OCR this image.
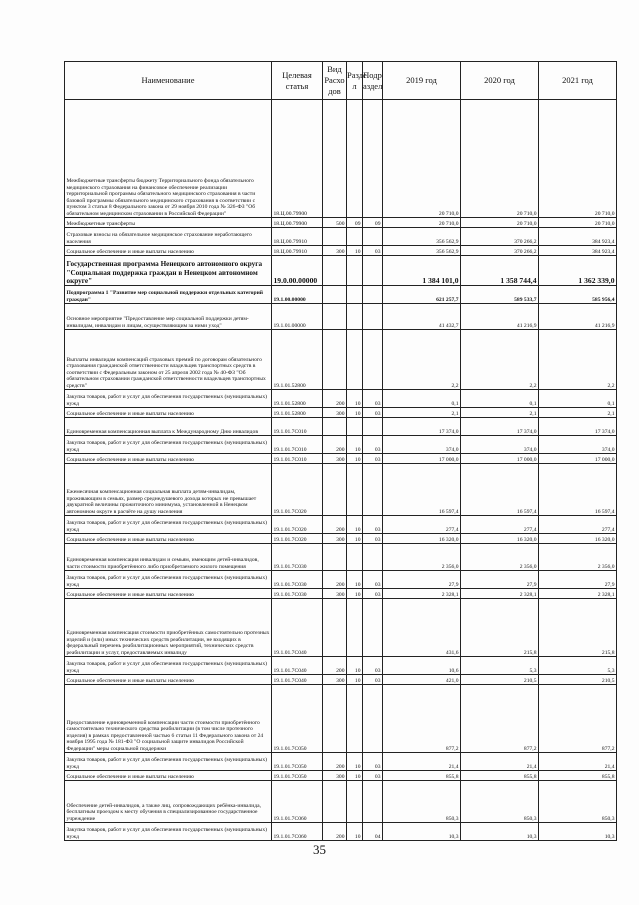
Наименование	Целевая статья	Вид Расхо дов	Разде л	Подр аздел	2019 год	2020 год	2021 год
Межбюджетные трансферты бюджету Территориального фонда обязательного медицинского страхования на финансовое обеспечение реализации территориальной программы обязательного медицинского страхования в части базовой программы обязательного медицинского страхования в соответствии с пунктом 3 статьи 8 Федерального закона от 29 ноября 2010 года № 326-ФЗ "Об обязательном медицинском страховании в Российской Федерации"	18.Ц.00.79900				20 710,0	20 710,0	20 710,0
Межбюджетные трансферты	18.Ц.00.79900	500	09	09	20 710,0	20 710,0	20 710,0
Страховые взносы на обязательное медицинское страхование неработающего населения	18.Ц.00.79910				356 562,9	370 266,2	384 923,4
Социальное обеспечение и иные выплаты населению	18.Ц.00.79910	300	10	03	356 562,9	370 266,2	384 923,4
Государственная программа Ненецкого автономного округа "Социальная поддержка граждан в Ненецком автономном округе"	19.0.00.00000				1 384 101,0	1 358 744,4	1 362 339,0
Подпрограмма 1 "Развитие мер социальной поддержки отдельных категорий граждан"	19.1.00.00000				621 257,7	589 533,7	585 956,4
Основное мероприятие "Предоставление мер социальной поддержки детям-инвалидам, инвалидам и лицам, осуществляющим за ними уход"	19.1.01.00000				41 432,7	41 216,9	41 216,9
Выплаты инвалидам компенсаций страховых премий по договорам обязательного страхования гражданской ответственности владельцев транспортных средств в соответствии с Федеральным законом от 25 апреля 2002 года № 40-ФЗ "Об обязательном страховании гражданской ответственности владельцев транспортных средств"	19.1.01.52800				2,2	2,2	2,2
Закупка товаров, работ и услуг для обеспечения государственных (муниципальных) нужд	19.1.01.52800	200	10	03	0,1	0,1	0,1
Социальное обеспечение и иные выплаты населению	19.1.01.52800	300	10	03	2,1	2,1	2,1
Единовременная компенсационная выплата к Международному Дню инвалидов	19.1.01.7С010				17 374,0	17 374,0	17 374,0
Закупка товаров, работ и услуг для обеспечения государственных (муниципальных) нужд	19.1.01.7С010	200	10	03	374,0	374,0	374,0
Социальное обеспечение и иные выплаты населению	19.1.01.7С010	300	10	03	17 000,0	17 000,0	17 000,0
Ежемесячная компенсационная социальная выплата детям-инвалидам, проживающим в семьях, размер среднедушевого дохода которых не превышает двукратной величины прожиточного минимума, установленной в Ненецком автономном округе в расчёте на душу населения	19.1.01.7С020				16 597,4	16 597,4	16 597,4
Закупка товаров, работ и услуг для обеспечения государственных (муниципальных) нужд	19.1.01.7С020	200	10	03	277,4	277,4	277,4
Социальное обеспечение и иные выплаты населению	19.1.01.7С020	300	10	03	16 320,0	16 320,0	16 320,0
Единовременная компенсация инвалидам и семьям, имеющим детей-инвалидов, части стоимости приобретённого либо приобретаемого жилого помещения	19.1.01.7С030				2 356,0	2 356,0	2 356,0
Закупка товаров, работ и услуг для обеспечения государственных (муниципальных) нужд	19.1.01.7С030	200	10	03	27,9	27,9	27,9
Социальное обеспечение и иные выплаты населению	19.1.01.7С030	300	10	03	2 328,1	2 328,1	2 328,1
Единовременная компенсация стоимости приобретённых самостоятельно протезных изделий и (или) иных технических средств реабилитации, не входящих в федеральный перечень реабилитационных мероприятий, технических средств реабилитации и услуг, предоставляемых инвалиду	19.1.01.7С040				431,6	215,8	215,8
Закупка товаров, работ и услуг для обеспечения государственных (муниципальных) нужд	19.1.01.7С040	200	10	03	10,6	5,3	5,3
Социальное обеспечение и иные выплаты населению	19.1.01.7С040	300	10	03	421,0	210,5	210,5
Предоставление единовременной компенсации части стоимости приобретённого самостоятельно технического средства реабилитации (в том числе протезного изделия) в рамках предоставленной частью 6 статьи 11 Федерального закона от 24 ноября 1995 года № 181-ФЗ "О социальной защите инвалидов Российской Федерации" меры социальной поддержки	19.1.01.7С050				877,2	877,2	877,2
Закупка товаров, работ и услуг для обеспечения государственных (муниципальных) нужд	19.1.01.7С050	200	10	03	21,4	21,4	21,4
Социальное обеспечение и иные выплаты населению	19.1.01.7С050	300	10	03	855,8	855,8	855,8
Обеспечение детей-инвалидов, а также лиц, сопровождающих ребёнка-инвалида, бесплатным проездом к месту обучения в специализированное государственное учреждение	19.1.01.7С060				850,3	850,3	850,3
Закупка товаров, работ и услуг для обеспечения государственных (муниципальных) нужд	19.1.01.7С060	200	10	04	10,3	10,3	10,3
35
